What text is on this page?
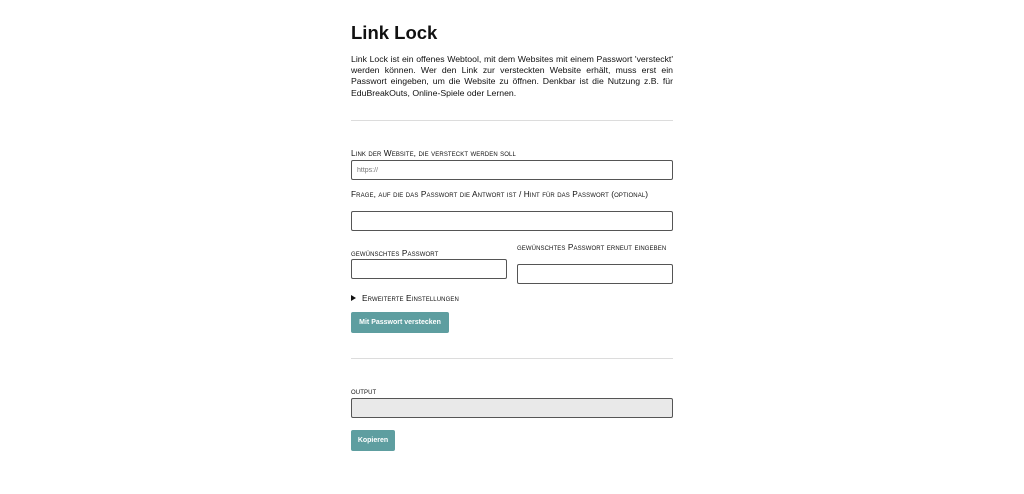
Link Lock

Link Lock ist ein offenes Webtool, mit dem Websites mit einem Passwort 'versteckt' werden können. Wer den Link zur versteckten Website erhält, muss erst ein Passwort eingeben, um die Website zu öffnen. Denkbar ist die Nutzung z.B. für EduBreakOuts, Online-Spiele oder Lernen.

Link der Website, die versteckt werden soll
https://
Frage, auf die das Passwort die Antwort ist / Hint für das Passwort (optional)
gewünschtes Passwort
gewünschtes Passwort erneut eingeben
Erweiterte Einstellungen
Mit Passwort verstecken
output
Kopieren
